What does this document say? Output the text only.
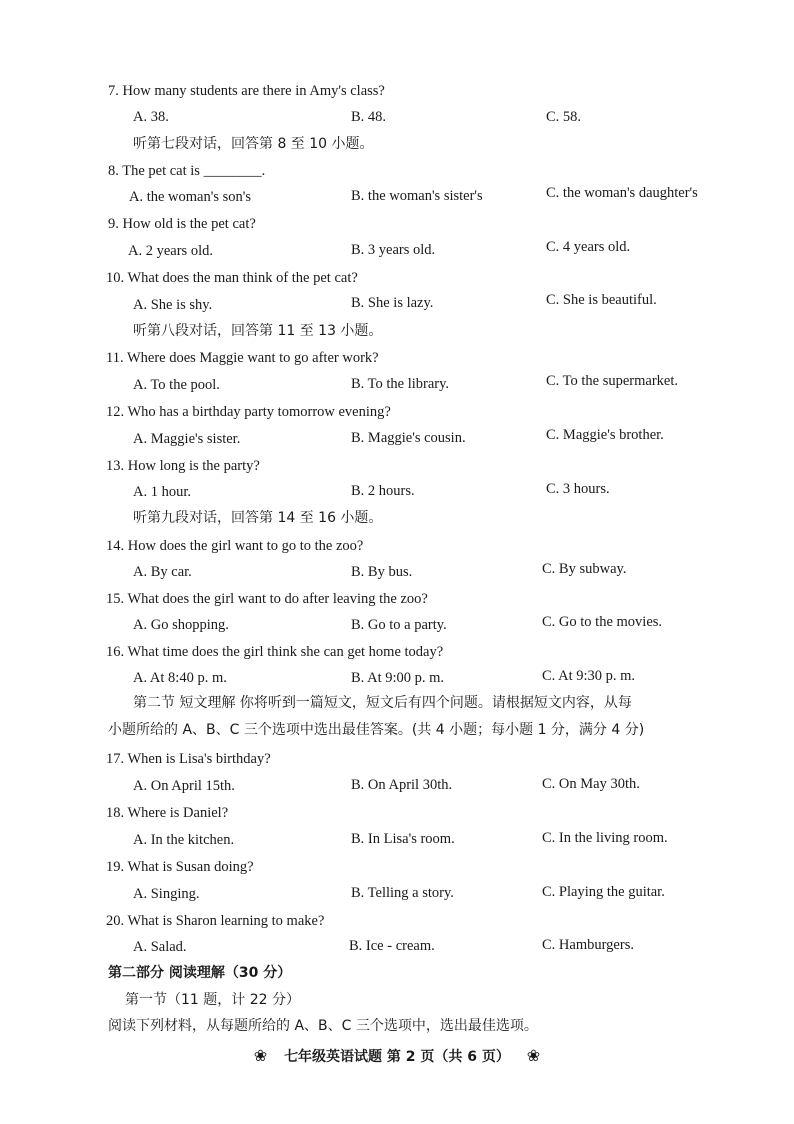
7. How many students are there in Amy's class?
A. 38.	B. 48.	C. 58.
听第七段对话，回答第 8 至 10 小题。
8. The pet cat is ________.
A. the woman's son's	B. the woman's sister's	C. the woman's daughter's
9. How old is the pet cat?
A. 2 years old.	B. 3 years old.	C. 4 years old.
10. What does the man think of the pet cat?
A. She is shy.	B. She is lazy.	C. She is beautiful.
听第八段对话，回答第 11 至 13 小题。
11. Where does Maggie want to go after work?
A. To the pool.	B. To the library.	C. To the supermarket.
12. Who has a birthday party tomorrow evening?
A. Maggie's sister.	B. Maggie's cousin.	C. Maggie's brother.
13. How long is the party?
A. 1 hour.	B. 2 hours.	C. 3 hours.
听第九段对话，回答第 14 至 16 小题。
14. How does the girl want to go to the zoo?
A. By car.	B. By bus.	C. By subway.
15. What does the girl want to do after leaving the zoo?
A. Go shopping.	B. Go to a party.	C. Go to the movies.
16. What time does the girl think she can get home today?
A. At 8:40 p. m.	B. At 9:00 p. m.	C. At 9:30 p. m.
第二节 短文理解 你将听到一篇短文，短文后有四个问题。请根据短文内容，从每
小题所给的 A、B、C 三个选项中选出最佳答案。(共 4 小题；每小题 1 分，满分 4 分)
17. When is Lisa's birthday?
A. On April 15th.	B. On April 30th.	C. On May 30th.
18. Where is Daniel?
A. In the kitchen.	B. In Lisa's room.	C. In the living room.
19. What is Susan doing?
A. Singing.	B. Telling a story.	C. Playing the guitar.
20. What is Sharon learning to make?
A. Salad.	B. Ice - cream.	C. Hamburgers.
第二部分 阅读理解（30 分）
第一节（11 题，计 22 分）
阅读下列材料，从每题所给的 A、B、C 三个选项中，选出最佳选项。
❀ 七年级英语试题 第 2 页（共 6 页） ❀
